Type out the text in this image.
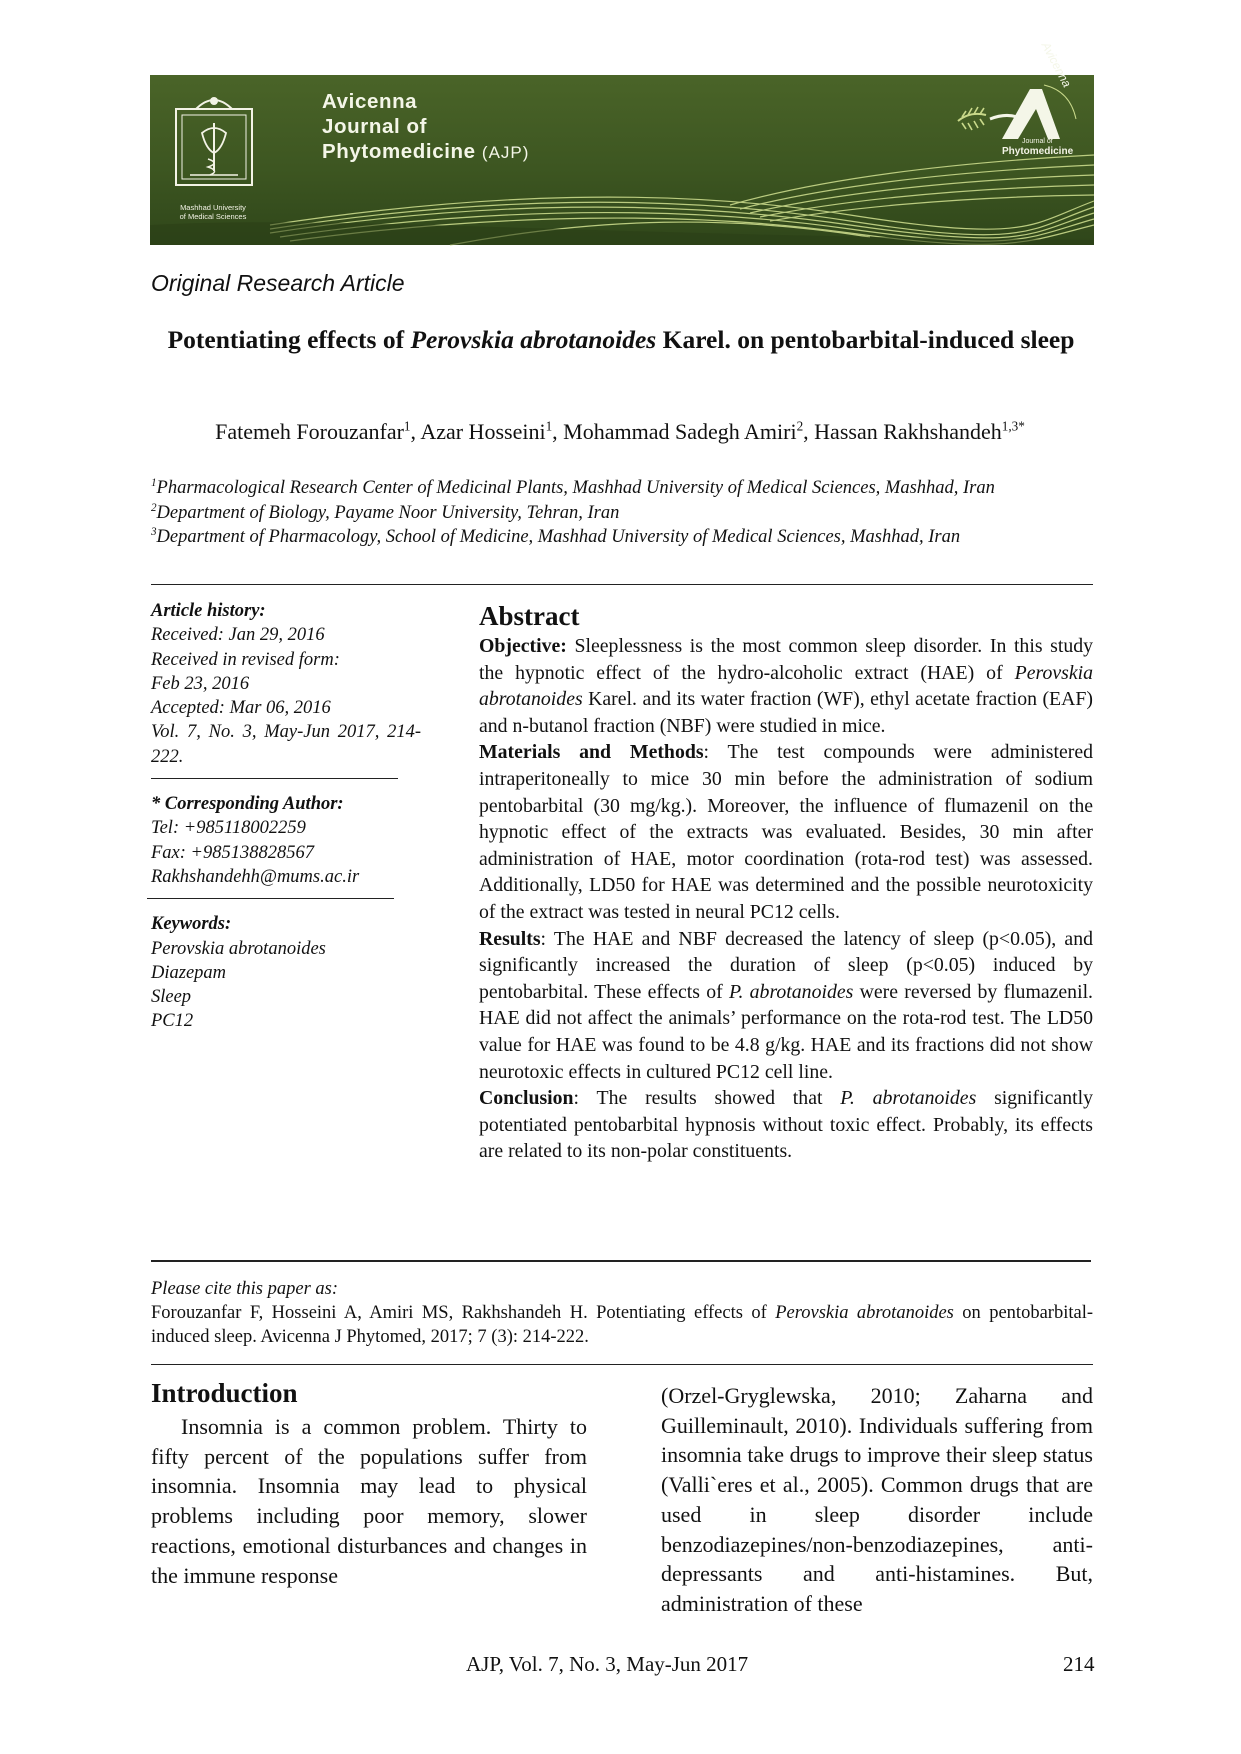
Mashhad University
of Medical Sciences
Avicenna
Journal of
Phytomedicine (AJP)
Avicenna
Journal of
Phytomedicine
Original Research Article
Potentiating effects of Perovskia abrotanoides Karel. on pentobarbital-induced sleep
Fatemeh Forouzanfar$^1$, Azar Hosseini$^1$, Mohammad Sadegh Amiri$^2$, Hassan Rakhshandeh$^{1,3*}$

$^1$Pharmacological Research Center of Medicinal Plants, Mashhad University of Medical Sciences, Mashhad, Iran

$^2$Department of Biology, Payame Noor University, Tehran, Iran

$^3$Department of Pharmacology, School of Medicine, Mashhad University of Medical Sciences, Mashhad, Iran

Article history:
Received: Jan 29, 2016
Received in revised form:
Feb 23, 2016
Accepted: Mar 06, 2016
Vol. 7, No. 3, May-Jun 2017, 214-222.
* Corresponding Author:
Tel: +985118002259
Fax: +985138828567
Rakhshandehh@mums.ac.ir
Keywords:
Perovskia abrotanoides
Diazepam
Sleep
PC12
Abstract

Objective: Sleeplessness is the most common sleep disorder. In this study the hypnotic effect of the hydro-alcoholic extract (HAE) of Perovskia abrotanoides Karel. and its water fraction (WF), ethyl acetate fraction (EAF) and n-butanol fraction (NBF) were studied in mice.

Materials and Methods: The test compounds were administered intraperitoneally to mice 30 min before the administration of sodium pentobarbital (30 mg/kg.). Moreover, the influence of flumazenil on the hypnotic effect of the extracts was evaluated. Besides, 30 min after administration of HAE, motor coordination (rota-rod test) was assessed. Additionally, LD50 for HAE was determined and the possible neurotoxicity of the extract was tested in neural PC12 cells.

Results: The HAE and NBF decreased the latency of sleep (p<0.05), and significantly increased the duration of sleep (p<0.05) induced by pentobarbital. These effects of P. abrotanoides were reversed by flumazenil. HAE did not affect the animals’ performance on the rota-rod test. The LD50 value for HAE was found to be 4.8 g/kg. HAE and its fractions did not show neurotoxic effects in cultured PC12 cell line.

Conclusion: The results showed that P. abrotanoides significantly potentiated pentobarbital hypnosis without toxic effect. Probably, its effects are related to its non-polar constituents.

Please cite this paper as:

Forouzanfar F, Hosseini A, Amiri MS, Rakhshandeh H. Potentiating effects of Perovskia abrotanoides on pentobarbital-induced sleep. Avicenna J Phytomed, 2017; 7 (3): 214-222.

Introduction

Insomnia is a common problem. Thirty to fifty percent of the populations suffer from insomnia. Insomnia may lead to physical problems including poor memory, slower reactions, emotional disturbances and changes in the immune response

(Orzel-Gryglewska, 2010; Zaharna and Guilleminault, 2010). Individuals suffering from insomnia take drugs to improve their sleep status (Valli`eres et al., 2005). Common drugs that are used in sleep disorder include benzodiazepines/non-benzodiazepines, anti-depressants and anti-histamines. But, administration of these

AJP, Vol. 7, No. 3, May-Jun 2017	214
